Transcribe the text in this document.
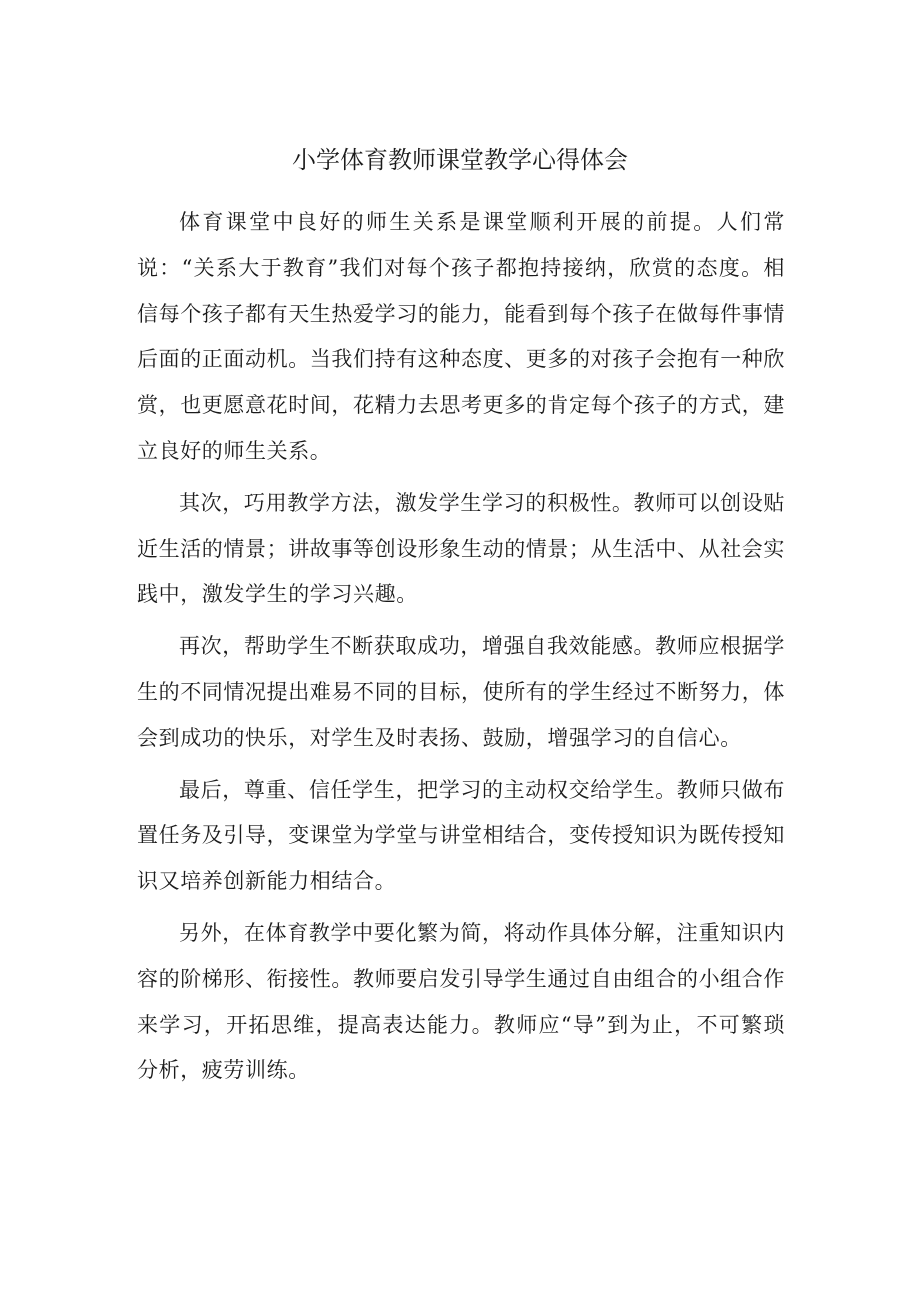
小学体育教师课堂教学心得体会

体育课堂中良好的师生关系是课堂顺利开展的前提。人们常说：“关系大于教育”我们对每个孩子都抱持接纳，欣赏的态度。相信每个孩子都有天生热爱学习的能力，能看到每个孩子在做每件事情后面的正面动机。当我们持有这种态度、更多的对孩子会抱有一种欣赏，也更愿意花时间，花精力去思考更多的肯定每个孩子的方式，建立良好的师生关系。

其次，巧用教学方法，激发学生学习的积极性。教师可以创设贴近生活的情景；讲故事等创设形象生动的情景；从生活中、从社会实践中，激发学生的学习兴趣。

再次，帮助学生不断获取成功，增强自我效能感。教师应根据学生的不同情况提出难易不同的目标，使所有的学生经过不断努力，体会到成功的快乐，对学生及时表扬、鼓励，增强学习的自信心。

最后，尊重、信任学生，把学习的主动权交给学生。教师只做布置任务及引导，变课堂为学堂与讲堂相结合，变传授知识为既传授知识又培养创新能力相结合。

另外，在体育教学中要化繁为简，将动作具体分解，注重知识内容的阶梯形、衔接性。教师要启发引导学生通过自由组合的小组合作来学习，开拓思维，提高表达能力。教师应“导”到为止，不可繁琐分析，疲劳训练。
